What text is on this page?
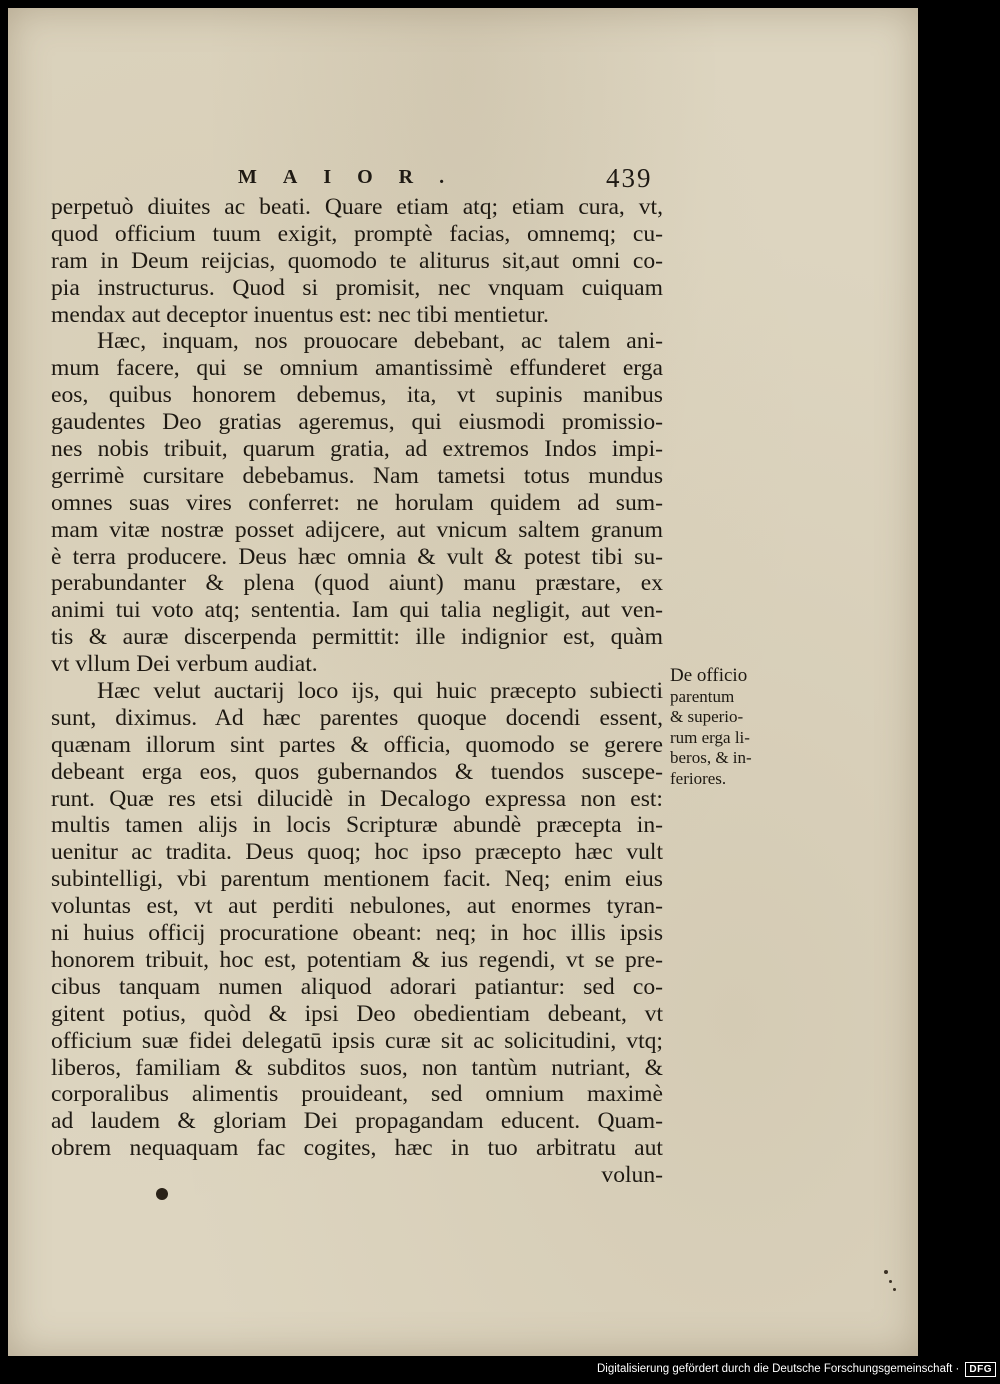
MAIOR.	439
perpetuò diuites ac beati. Quare etiam atq; etiam cura, vt,
quod officium tuum exigit, promptè facias, omnemq; cu-
ram in Deum reijcias, quomodo te aliturus sit,aut omni co-
pia instructurus. Quod si promisit, nec vnquam cuiquam
mendax aut deceptor inuentus est: nec tibi mentietur.
Hæc, inquam, nos prouocare debebant, ac talem ani-
mum facere, qui se omnium amantissimè effunderet erga
eos, quibus honorem debemus, ita, vt supinis manibus
gaudentes Deo gratias ageremus, qui eiusmodi promissio-
nes nobis tribuit, quarum gratia, ad extremos Indos impi-
gerrimè cursitare debebamus. Nam tametsi totus mundus
omnes suas vires conferret: ne horulam quidem ad sum-
mam vitæ nostræ posset adijcere, aut vnicum saltem granum
è terra producere. Deus hæc omnia & vult & potest tibi su-
perabundanter & plena (quod aiunt) manu præstare, ex
animi tui voto atq; sententia. Iam qui talia negligit, aut ven-
tis & auræ discerpenda permittit: ille indignior est, quàm
vt vllum Dei verbum audiat.
Hæc velut auctarij loco ijs, qui huic præcepto subiecti
sunt, diximus. Ad hæc parentes quoque docendi essent,
quænam illorum sint partes & officia, quomodo se gerere
debeant erga eos, quos gubernandos & tuendos suscepe-
runt. Quæ res etsi dilucidè in Decalogo expressa non est:
multis tamen alijs in locis Scripturæ abundè præcepta in-
uenitur ac tradita. Deus quoq; hoc ipso præcepto hæc vult
subintelligi, vbi parentum mentionem facit. Neq; enim eius
voluntas est, vt aut perditi nebulones, aut enormes tyran-
ni huius officij procuratione obeant: neq; in hoc illis ipsis
honorem tribuit, hoc est, potentiam & ius regendi, vt se pre-
cibus tanquam numen aliquod adorari patiantur: sed co-
gitent potius, quòd & ipsi Deo obedientiam debeant, vt
officium suæ fidei delegatū ipsis curæ sit ac solicitudini, vtq;
liberos, familiam & subditos suos, non tantùm nutriant, &
corporalibus alimentis prouideant, sed omnium maximè
ad laudem & gloriam Dei propagandam educent. Quam-
obrem nequaquam fac cogites, hæc in tuo arbitratu aut
volun-
De officio
parentum
& superio-
rum erga li-
beros, & in-
feriores.
Digitalisierung gefördert durch die Deutsche Forschungsgemeinschaft ·	DFG
